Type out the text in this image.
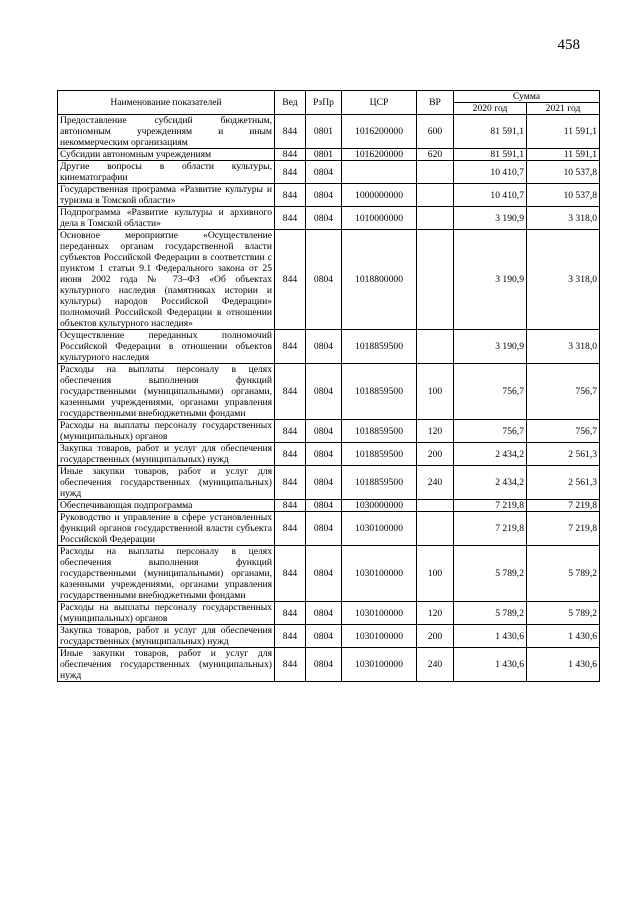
458
Наименование показателей	Вед	РзПр	ЦСР	ВР	Сумма	
					2020 год	2021 год
Предоставление субсидий бюджетным, автономным учреждениям и иным некоммерческим организациям	844	0801	1016200000	600	81 591,1	11 591,1
Субсидии автономным учреждениям	844	0801	1016200000	620	81 591,1	11 591,1
Другие вопросы в области культуры, кинематографии	844	0804			10 410,7	10 537,8
Государственная программа «Развитие культуры и туризма в Томской области»	844	0804	1000000000		10 410,7	10 537,8
Подпрограмма «Развитие культуры и архивного дела в Томской области»	844	0804	1010000000		3 190,9	3 318,0
Основное мероприятие «Осуществление переданных органам государственной власти субъектов Российской Федерации в соответствии с пунктом 1 статьи 9.1 Федерального закона от 25 июня 2002 года № 73–ФЗ «Об объектах культурного наследия (памятниках истории и культуры) народов Российской Федерации» полномочий Российской Федерации в отношении объектов культурного наследия»	844	0804	1018800000		3 190,9	3 318,0
Осуществление переданных полномочий Российской Федерации в отношении объектов культурного наследия	844	0804	1018859500		3 190,9	3 318,0
Расходы на выплаты персоналу в целях обеспечения выполнения функций государственными (муниципальными) органами, казенными учреждениями, органами управления государственными внебюджетными фондами	844	0804	1018859500	100	756,7	756,7
Расходы на выплаты персоналу государственных (муниципальных) органов	844	0804	1018859500	120	756,7	756,7
Закупка товаров, работ и услуг для обеспечения государственных (муниципальных) нужд	844	0804	1018859500	200	2 434,2	2 561,3
Иные закупки товаров, работ и услуг для обеспечения государственных (муниципальных) нужд	844	0804	1018859500	240	2 434,2	2 561,3
Обеспечивающая подпрограмма	844	0804	1030000000		7 219,8	7 219,8
Руководство и управление в сфере установленных функций органов государственной власти субъекта Российской Федерации	844	0804	1030100000		7 219,8	7 219,8
Расходы на выплаты персоналу в целях обеспечения выполнения функций государственными (муниципальными) органами, казенными учреждениями, органами управления государственными внебюджетными фондами	844	0804	1030100000	100	5 789,2	5 789,2
Расходы на выплаты персоналу государственных (муниципальных) органов	844	0804	1030100000	120	5 789,2	5 789,2
Закупка товаров, работ и услуг для обеспечения государственных (муниципальных) нужд	844	0804	1030100000	200	1 430,6	1 430,6
Иные закупки товаров, работ и услуг для обеспечения государственных (муниципальных) нужд	844	0804	1030100000	240	1 430,6	1 430,6
